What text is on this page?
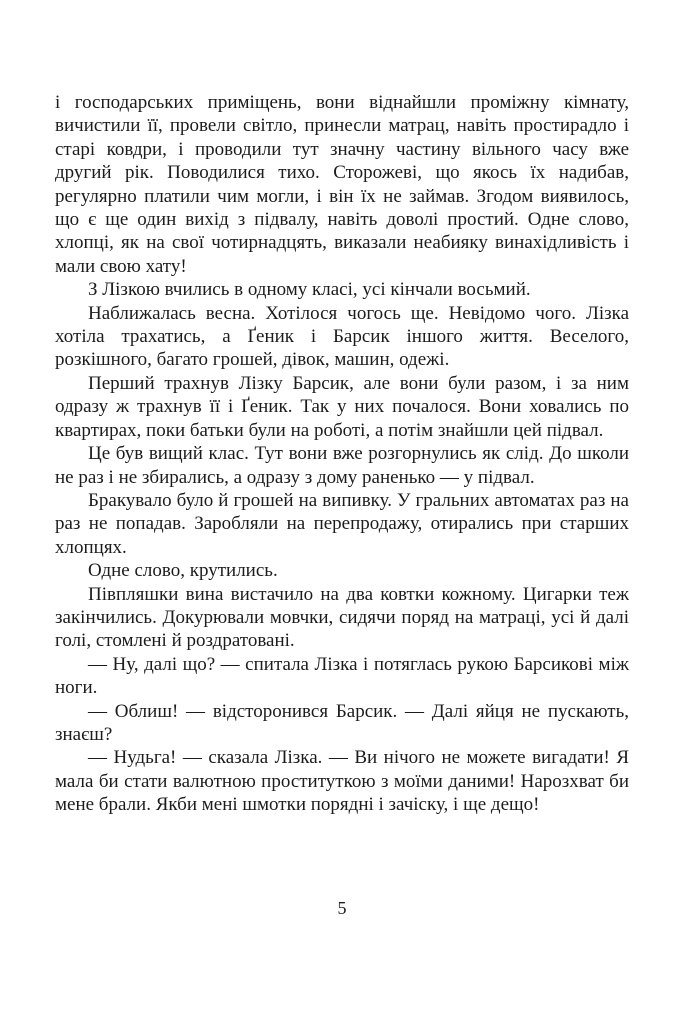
і господарських приміщень, вони віднайшли проміжну кімнату, вичистили її, провели світло, принесли матрац, навіть простирадло і старі ковдри, і проводили тут значну частину вільного часу вже другий рік. Поводилися тихо. Сторожеві, що якось їх надибав, регулярно платили чим могли, і він їх не займав. Згодом виявилось, що є ще один вихід з підвалу, навіть доволі простий. Одне слово, хлопці, як на свої чотирнадцять, виказали неабияку винахідливість і мали свою хату!

З Лізкою вчились в одному класі, усі кінчали восьмий.

Наближалась весна. Хотілося чогось ще. Невідомо чого. Лізка хотіла трахатись, а Ґеник і Барсик іншого життя. Веселого, розкішного, багато грошей, дівок, машин, одежі.

Перший трахнув Лізку Барсик, але вони були разом, і за ним одразу ж трахнув її і Ґеник. Так у них почалося. Вони ховались по квартирах, поки батьки були на роботі, а потім знайшли цей підвал.

Це був вищий клас. Тут вони вже розгорнулись як слід. До школи не раз і не збирались, а одразу з дому раненько — у підвал.

Бракувало було й грошей на випивку. У гральних автоматах раз на раз не попадав. Заробляли на перепродажу, отирались при старших хлопцях.

Одне слово, крутились.

Півпляшки вина вистачило на два ковтки кожному. Цигарки теж закінчились. Докурювали мовчки, сидячи поряд на матраці, усі й далі голі, стомлені й роздратовані.

— Ну, далі що? — спитала Лізка і потяглась рукою Барсикові між ноги.

— Облиш! — відсторонився Барсик. — Далі яйця не пускають, знаєш?

— Нудьга! — сказала Лізка. — Ви нічого не можете вигадати! Я мала би стати валютною проституткою з моїми даними! Нарозхват би мене брали. Якби мені шмотки порядні і зачіску, і ще дещо!

5
